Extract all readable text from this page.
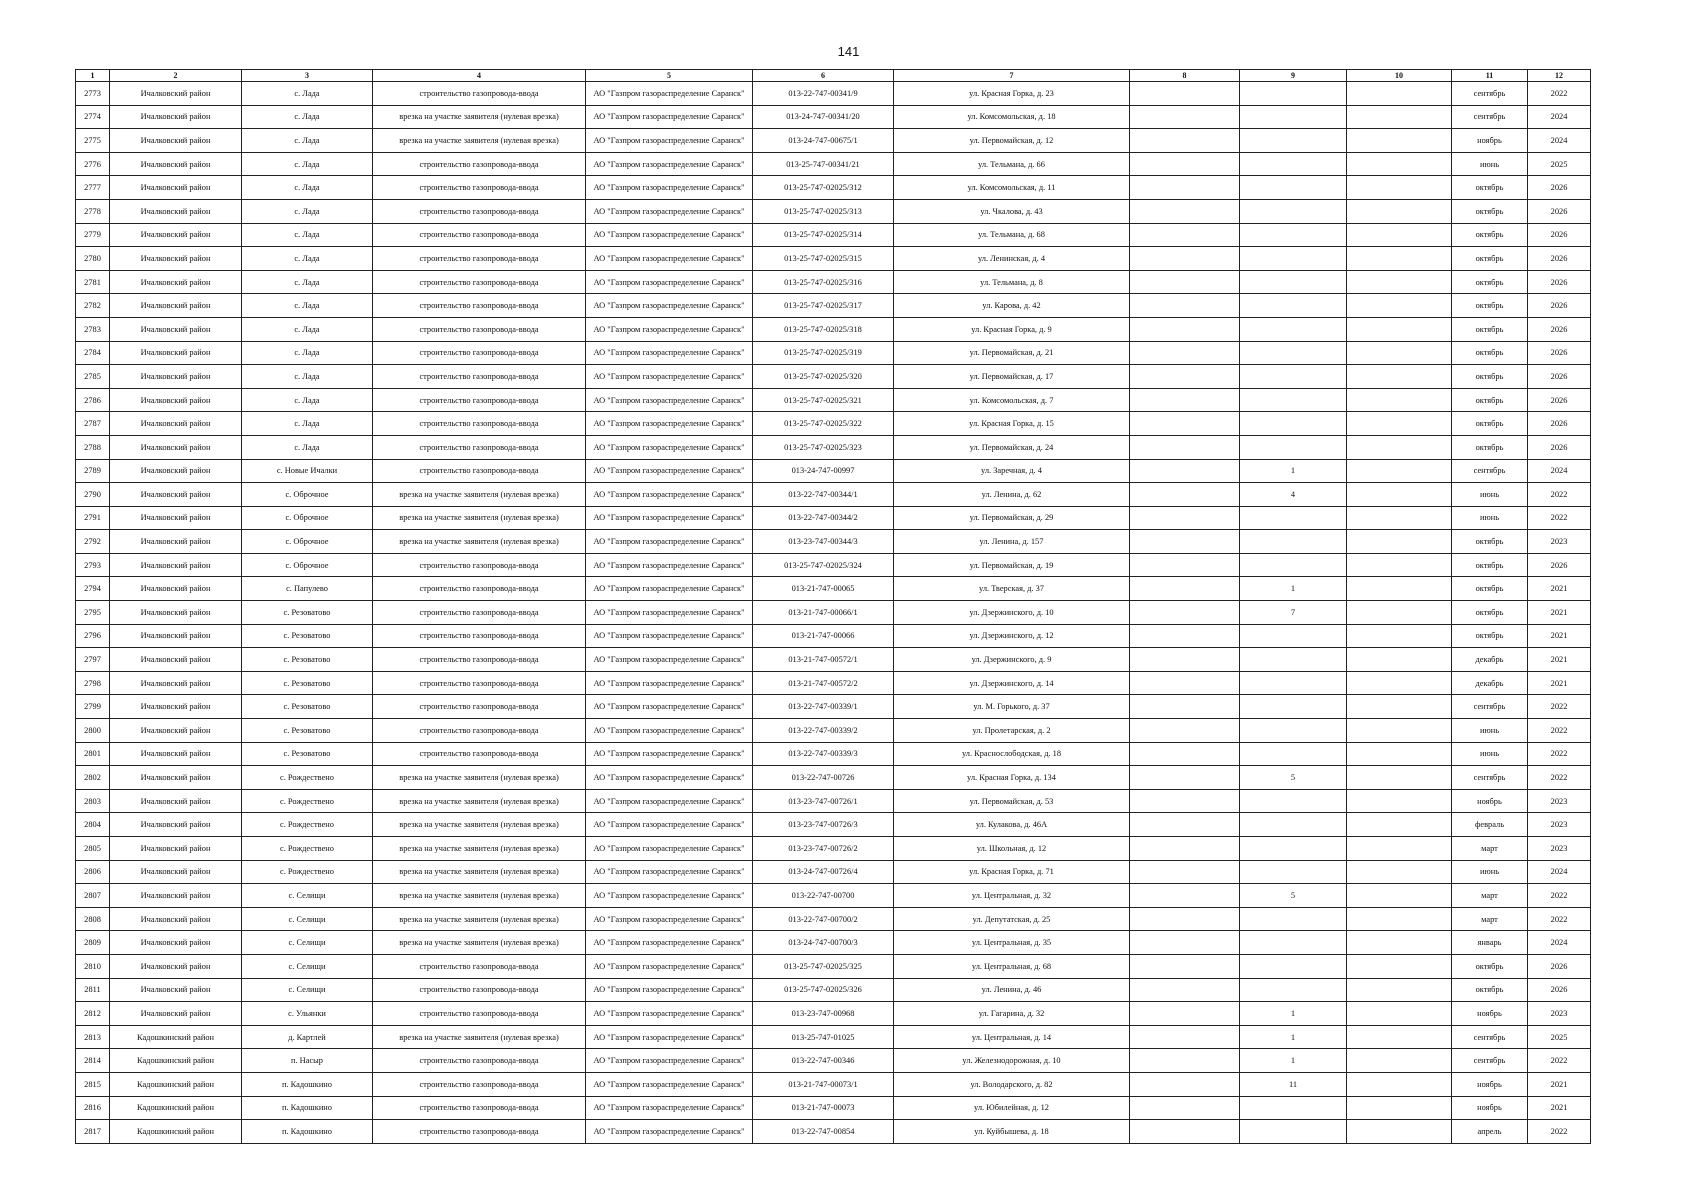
141
1	2	3	4	5	6	7	8	9	10	11	12
2773	Ичалковский район	с. Лада	строительство газопровода-ввода	АО "Газпром газораспределение Саранск"	013-22-747-00341/9	ул. Красная Горка, д. 23				сентябрь	2022
2774	Ичалковский район	с. Лада	врезка на участке заявителя (нулевая врезка)	АО "Газпром газораспределение Саранск"	013-24-747-00341/20	ул. Комсомольская, д. 18				сентябрь	2024
2775	Ичалковский район	с. Лада	врезка на участке заявителя (нулевая врезка)	АО "Газпром газораспределение Саранск"	013-24-747-00675/1	ул. Первомайская, д. 12				ноябрь	2024
2776	Ичалковский район	с. Лада	строительство газопровода-ввода	АО "Газпром газораспределение Саранск"	013-25-747-00341/21	ул. Тельмана, д. 66				июнь	2025
2777	Ичалковский район	с. Лада	строительство газопровода-ввода	АО "Газпром газораспределение Саранск"	013-25-747-02025/312	ул. Комсомольская, д. 11				октябрь	2026
2778	Ичалковский район	с. Лада	строительство газопровода-ввода	АО "Газпром газораспределение Саранск"	013-25-747-02025/313	ул. Чкалова, д. 43				октябрь	2026
2779	Ичалковский район	с. Лада	строительство газопровода-ввода	АО "Газпром газораспределение Саранск"	013-25-747-02025/314	ул. Тельмана, д. 68				октябрь	2026
2780	Ичалковский район	с. Лада	строительство газопровода-ввода	АО "Газпром газораспределение Саранск"	013-25-747-02025/315	ул. Ленинская, д. 4				октябрь	2026
2781	Ичалковский район	с. Лада	строительство газопровода-ввода	АО "Газпром газораспределение Саранск"	013-25-747-02025/316	ул. Тельмана, д. 8				октябрь	2026
2782	Ичалковский район	с. Лада	строительство газопровода-ввода	АО "Газпром газораспределение Саранск"	013-25-747-02025/317	ул. Карова, д. 42				октябрь	2026
2783	Ичалковский район	с. Лада	строительство газопровода-ввода	АО "Газпром газораспределение Саранск"	013-25-747-02025/318	ул. Красная Горка, д. 9				октябрь	2026
2784	Ичалковский район	с. Лада	строительство газопровода-ввода	АО "Газпром газораспределение Саранск"	013-25-747-02025/319	ул. Первомайская, д. 21				октябрь	2026
2785	Ичалковский район	с. Лада	строительство газопровода-ввода	АО "Газпром газораспределение Саранск"	013-25-747-02025/320	ул. Первомайская, д. 17				октябрь	2026
2786	Ичалковский район	с. Лада	строительство газопровода-ввода	АО "Газпром газораспределение Саранск"	013-25-747-02025/321	ул. Комсомольская, д. 7				октябрь	2026
2787	Ичалковский район	с. Лада	строительство газопровода-ввода	АО "Газпром газораспределение Саранск"	013-25-747-02025/322	ул. Красная Горка, д. 15				октябрь	2026
2788	Ичалковский район	с. Лада	строительство газопровода-ввода	АО "Газпром газораспределение Саранск"	013-25-747-02025/323	ул. Первомайская, д. 24				октябрь	2026
2789	Ичалковский район	с. Новые Ичалки	строительство газопровода-ввода	АО "Газпром газораспределение Саранск"	013-24-747-00997	ул. Заречная, д. 4		1		сентябрь	2024
2790	Ичалковский район	с. Оброчное	врезка на участке заявителя (нулевая врезка)	АО "Газпром газораспределение Саранск"	013-22-747-00344/1	ул. Ленина, д. 62		4		июнь	2022
2791	Ичалковский район	с. Оброчное	врезка на участке заявителя (нулевая врезка)	АО "Газпром газораспределение Саранск"	013-22-747-00344/2	ул. Первомайская, д. 29				июнь	2022
2792	Ичалковский район	с. Оброчное	врезка на участке заявителя (нулевая врезка)	АО "Газпром газораспределение Саранск"	013-23-747-00344/3	ул. Ленина, д. 157				октябрь	2023
2793	Ичалковский район	с. Оброчное	строительство газопровода-ввода	АО "Газпром газораспределение Саранск"	013-25-747-02025/324	ул. Первомайская, д. 19				октябрь	2026
2794	Ичалковский район	с. Папулево	строительство газопровода-ввода	АО "Газпром газораспределение Саранск"	013-21-747-00065	ул. Тверская, д. 37		1		октябрь	2021
2795	Ичалковский район	с. Резоватово	строительство газопровода-ввода	АО "Газпром газораспределение Саранск"	013-21-747-00066/1	ул. Дзержинского, д. 10		7		октябрь	2021
2796	Ичалковский район	с. Резоватово	строительство газопровода-ввода	АО "Газпром газораспределение Саранск"	013-21-747-00066	ул. Дзержинского, д. 12				октябрь	2021
2797	Ичалковский район	с. Резоватово	строительство газопровода-ввода	АО "Газпром газораспределение Саранск"	013-21-747-00572/1	ул. Дзержинского, д. 9				декабрь	2021
2798	Ичалковский район	с. Резоватово	строительство газопровода-ввода	АО "Газпром газораспределение Саранск"	013-21-747-00572/2	ул. Дзержинского, д. 14				декабрь	2021
2799	Ичалковский район	с. Резоватово	строительство газопровода-ввода	АО "Газпром газораспределение Саранск"	013-22-747-00339/1	ул. М. Горького, д. 37				сентябрь	2022
2800	Ичалковский район	с. Резоватово	строительство газопровода-ввода	АО "Газпром газораспределение Саранск"	013-22-747-00339/2	ул. Пролетарская, д. 2				июнь	2022
2801	Ичалковский район	с. Резоватово	строительство газопровода-ввода	АО "Газпром газораспределение Саранск"	013-22-747-00339/3	ул. Краснослободская, д. 18				июнь	2022
2802	Ичалковский район	с. Рождествено	врезка на участке заявителя (нулевая врезка)	АО "Газпром газораспределение Саранск"	013-22-747-00726	ул. Красная Горка, д. 134		5		сентябрь	2022
2803	Ичалковский район	с. Рождествено	врезка на участке заявителя (нулевая врезка)	АО "Газпром газораспределение Саранск"	013-23-747-00726/1	ул. Первомайская, д. 53				ноябрь	2023
2804	Ичалковский район	с. Рождествено	врезка на участке заявителя (нулевая врезка)	АО "Газпром газораспределение Саранск"	013-23-747-00726/3	ул. Кулакова, д. 46А				февраль	2023
2805	Ичалковский район	с. Рождествено	врезка на участке заявителя (нулевая врезка)	АО "Газпром газораспределение Саранск"	013-23-747-00726/2	ул. Школьная, д. 12				март	2023
2806	Ичалковский район	с. Рождествено	врезка на участке заявителя (нулевая врезка)	АО "Газпром газораспределение Саранск"	013-24-747-00726/4	ул. Красная Горка, д. 71				июнь	2024
2807	Ичалковский район	с. Селищи	врезка на участке заявителя (нулевая врезка)	АО "Газпром газораспределение Саранск"	013-22-747-00700	ул. Центральная, д. 32		5		март	2022
2808	Ичалковский район	с. Селищи	врезка на участке заявителя (нулевая врезка)	АО "Газпром газораспределение Саранск"	013-22-747-00700/2	ул. Депутатская, д. 25				март	2022
2809	Ичалковский район	с. Селищи	врезка на участке заявителя (нулевая врезка)	АО "Газпром газораспределение Саранск"	013-24-747-00700/3	ул. Центральная, д. 35				январь	2024
2810	Ичалковский район	с. Селищи	строительство газопровода-ввода	АО "Газпром газораспределение Саранск"	013-25-747-02025/325	ул. Центральная, д. 68				октябрь	2026
2811	Ичалковский район	с. Селищи	строительство газопровода-ввода	АО "Газпром газораспределение Саранск"	013-25-747-02025/326	ул. Ленина, д. 46				октябрь	2026
2812	Ичалковский район	с. Ульянки	строительство газопровода-ввода	АО "Газпром газораспределение Саранск"	013-23-747-00968	ул. Гагарина, д. 32		1		ноябрь	2023
2813	Кадошкинский район	д. Картлей	врезка на участке заявителя (нулевая врезка)	АО "Газпром газораспределение Саранск"	013-25-747-01025	ул. Центральная, д. 14		1		сентябрь	2025
2814	Кадошкинский район	п. Насыр	строительство газопровода-ввода	АО "Газпром газораспределение Саранск"	013-22-747-00346	ул. Железнодорожная, д. 10		1		сентябрь	2022
2815	Кадошкинский район	п. Кадошкино	строительство газопровода-ввода	АО "Газпром газораспределение Саранск"	013-21-747-00073/1	ул. Володарского, д. 82		11		ноябрь	2021
2816	Кадошкинский район	п. Кадошкино	строительство газопровода-ввода	АО "Газпром газораспределение Саранск"	013-21-747-00073	ул. Юбилейная, д. 12				ноябрь	2021
2817	Кадошкинский район	п. Кадошкино	строительство газопровода-ввода	АО "Газпром газораспределение Саранск"	013-22-747-00854	ул. Куйбышева, д. 18				апрель	2022
